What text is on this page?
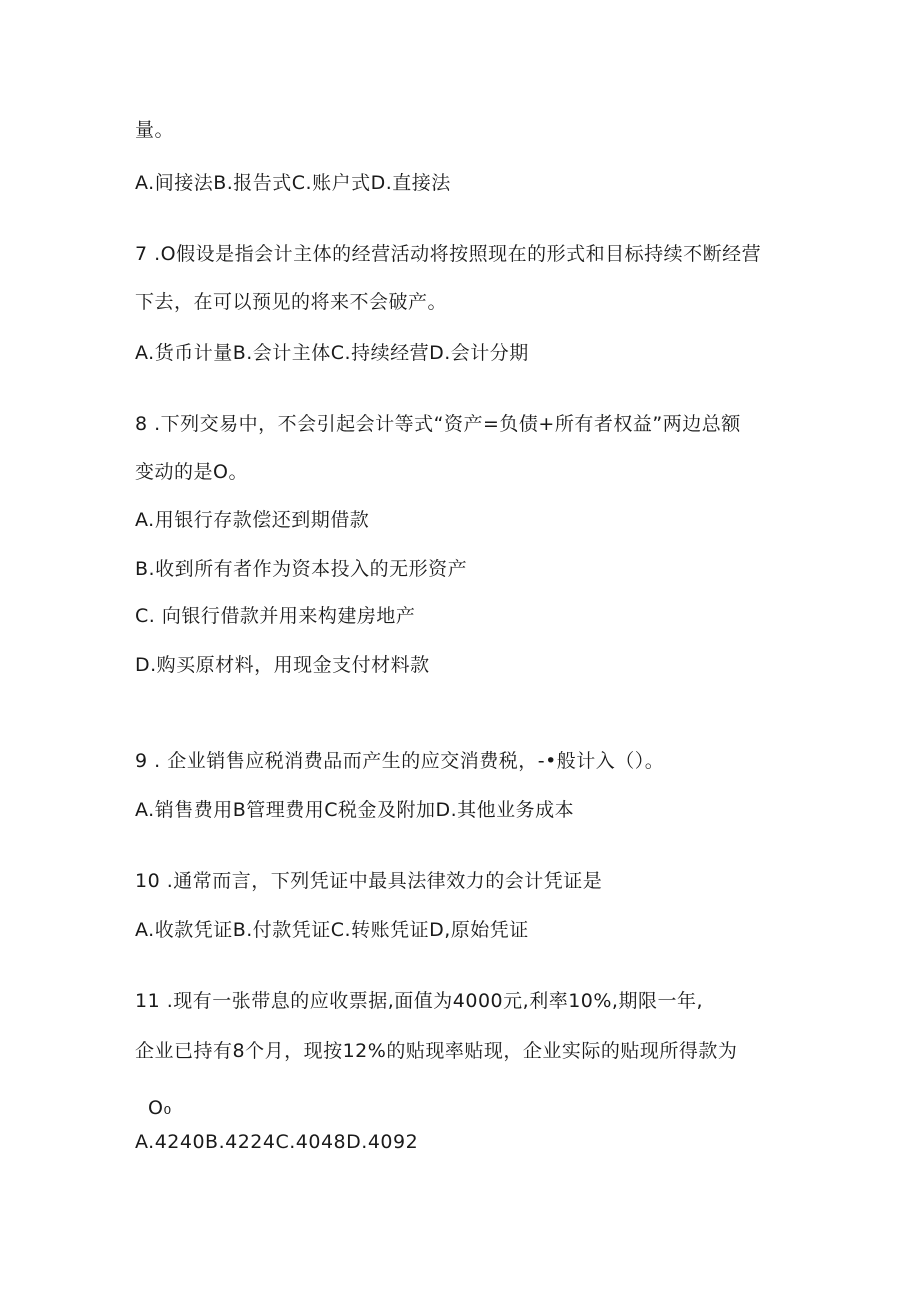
量。
A.间接法B.报告式C.账户式D.直接法
7 .O假设是指会计主体的经营活动将按照现在的形式和目标持续不断经营
下去，在可以预见的将来不会破产。
A.货币计量B.会计主体C.持续经营D.会计分期
8 .下列交易中，不会引起会计等式“资产=负债+所有者权益”两边总额
变动的是O。
A.用银行存款偿还到期借款
B.收到所有者作为资本投入的无形资产
C. 向银行借款并用来构建房地产
D.购买原材料，用现金支付材料款
9 . 企业销售应税消费品而产生的应交消费税，-•般计入（）。
A.销售费用B管理费用C税金及附加D.其他业务成本
10 .通常而言，下列凭证中最具法律效力的会计凭证是
A.收款凭证B.付款凭证C.转账凭证D,原始凭证
11 .现有一张带息的应收票据,面值为4000元,利率10%,期限一年,
企业已持有8个月，现按12%的贴现率贴现，企业实际的贴现所得款为
O₀
A.4240B.4224C.4048D.4092
